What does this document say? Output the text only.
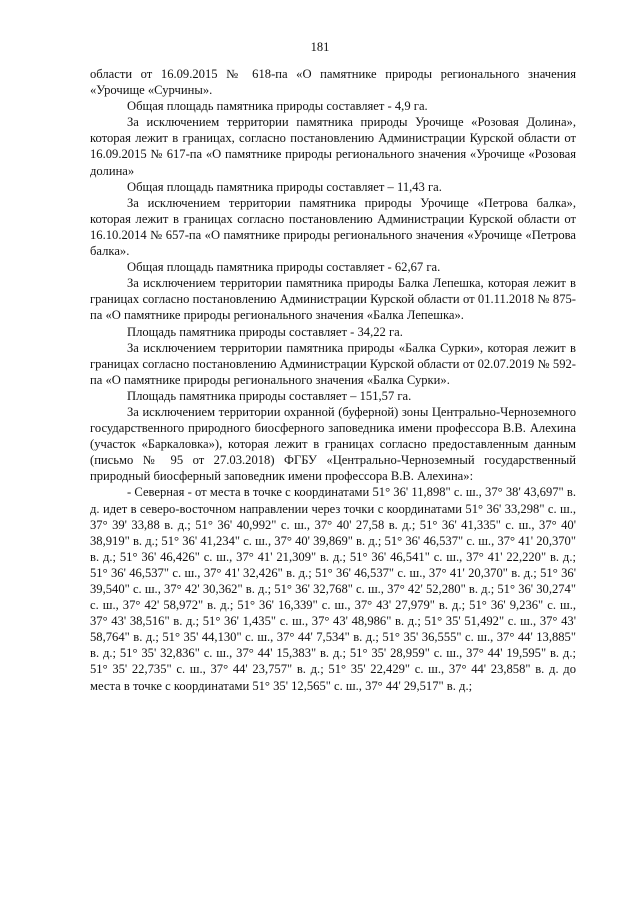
181

области от 16.09.2015 № 618-па «О памятнике природы регионального значения «Урочище «Сурчины».

Общая площадь памятника природы составляет - 4,9 га.

За исключением территории памятника природы Урочище «Розовая Долина», которая лежит в границах, согласно постановлению Администрации Курской области от 16.09.2015 № 617-па «О памятнике природы регионального значения «Урочище «Розовая долина»

Общая площадь памятника природы составляет – 11,43 га.

За исключением территории памятника природы Урочище «Петрова балка», которая лежит в границах согласно постановлению Администрации Курской области от 16.10.2014 № 657-па «О памятнике природы регионального значения «Урочище «Петрова балка».

Общая площадь памятника природы составляет - 62,67 га.

За исключением территории памятника природы Балка Лепешка, которая лежит в границах согласно постановлению Администрации Курской области от 01.11.2018 № 875-па «О памятнике природы регионального значения «Балка Лепешка».

Площадь памятника природы составляет - 34,22 га.

За исключением территории памятника природы «Балка Сурки», которая лежит в границах согласно постановлению Администрации Курской области от 02.07.2019 № 592-па «О памятнике природы регионального значения «Балка Сурки».

Площадь памятника природы составляет – 151,57 га.

За исключением территории охранной (буферной) зоны Центрально-Черноземного государственного природного биосферного заповедника имени профессора В.В. Алехина (участок «Баркаловка»), которая лежит в границах согласно предоставленным данным (письмо № 95 от 27.03.2018) ФГБУ «Центрально-Черноземный государственный природный биосферный заповедник имени профессора В.В. Алехина»:

- Северная - от места в точке с координатами 51° 36' 11,898" с. ш., 37° 38' 43,697" в. д. идет в северо-восточном направлении через точки с координатами 51° 36' 33,298" с. ш., 37° 39' 33,88 в. д.; 51° 36' 40,992" с. ш., 37° 40' 27,58 в. д.; 51° 36' 41,335" с. ш., 37° 40' 38,919" в. д.; 51° 36' 41,234" с. ш., 37° 40' 39,869" в. д.; 51° 36' 46,537" с. ш., 37° 41' 20,370" в. д.; 51° 36' 46,426" с. ш., 37° 41' 21,309" в. д.; 51° 36' 46,541" с. ш., 37° 41' 22,220" в. д.; 51° 36' 46,537" с. ш., 37° 41' 32,426" в. д.; 51° 36' 46,537" с. ш., 37° 41' 20,370" в. д.; 51° 36' 39,540" с. ш., 37° 42' 30,362" в. д.; 51° 36' 32,768" с. ш., 37° 42' 52,280" в. д.; 51° 36' 30,274" с. ш., 37° 42' 58,972" в. д.; 51° 36' 16,339" с. ш., 37° 43' 27,979" в. д.; 51° 36' 9,236" с. ш., 37° 43' 38,516" в. д.; 51° 36' 1,435" с. ш., 37° 43' 48,986" в. д.; 51° 35' 51,492" с. ш., 37° 43' 58,764" в. д.; 51° 35' 44,130" с. ш., 37° 44' 7,534" в. д.; 51° 35' 36,555" с. ш., 37° 44' 13,885" в. д.; 51° 35' 32,836" с. ш., 37° 44' 15,383" в. д.; 51° 35' 28,959" с. ш., 37° 44' 19,595" в. д.; 51° 35' 22,735" с. ш., 37° 44' 23,757" в. д.; 51° 35' 22,429" с. ш., 37° 44' 23,858" в. д. до места в точке с координатами 51° 35' 12,565" с. ш., 37° 44' 29,517" в. д.;
